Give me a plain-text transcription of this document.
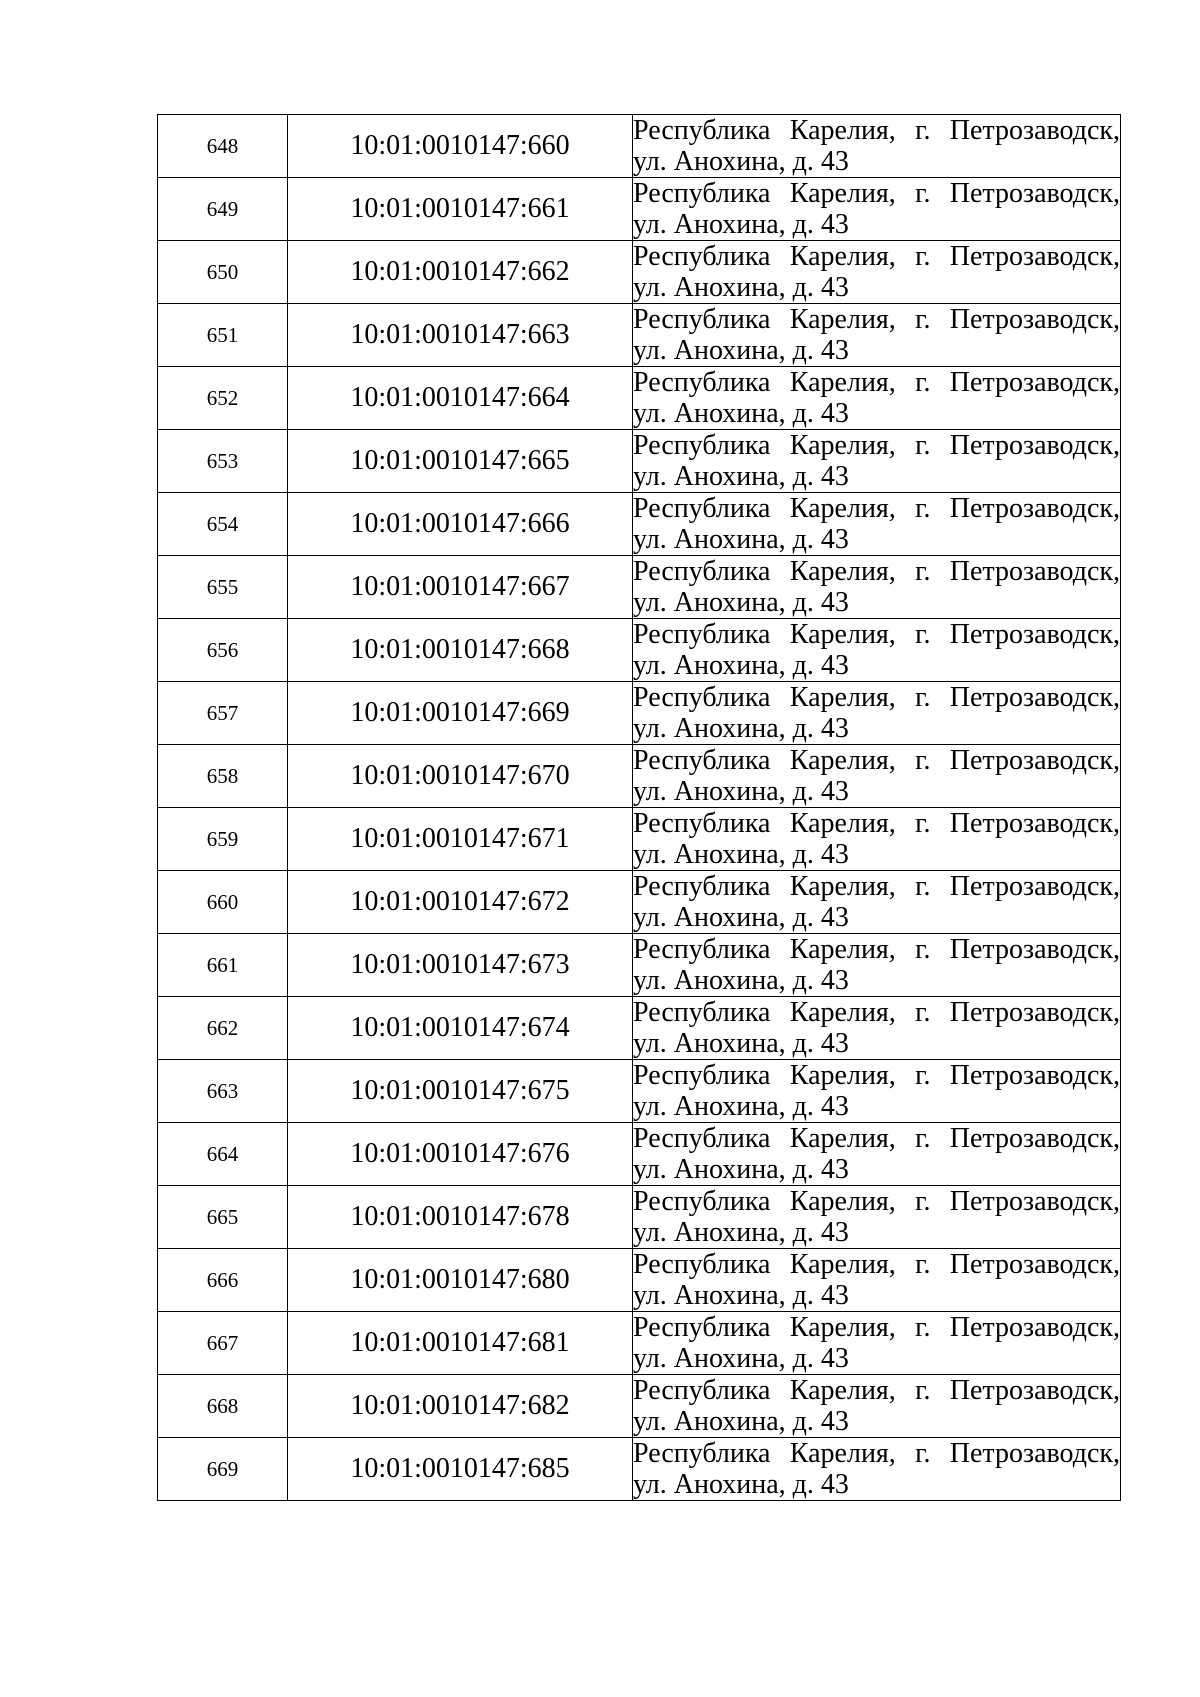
648	10:01:0010147:660	Республика Карелия, г. Петрозаводск,
ул. Анохина, д. 43

649	10:01:0010147:661	Республика Карелия, г. Петрозаводск,
ул. Анохина, д. 43

650	10:01:0010147:662	Республика Карелия, г. Петрозаводск,
ул. Анохина, д. 43

651	10:01:0010147:663	Республика Карелия, г. Петрозаводск,
ул. Анохина, д. 43

652	10:01:0010147:664	Республика Карелия, г. Петрозаводск,
ул. Анохина, д. 43

653	10:01:0010147:665	Республика Карелия, г. Петрозаводск,
ул. Анохина, д. 43

654	10:01:0010147:666	Республика Карелия, г. Петрозаводск,
ул. Анохина, д. 43

655	10:01:0010147:667	Республика Карелия, г. Петрозаводск,
ул. Анохина, д. 43

656	10:01:0010147:668	Республика Карелия, г. Петрозаводск,
ул. Анохина, д. 43

657	10:01:0010147:669	Республика Карелия, г. Петрозаводск,
ул. Анохина, д. 43

658	10:01:0010147:670	Республика Карелия, г. Петрозаводск,
ул. Анохина, д. 43

659	10:01:0010147:671	Республика Карелия, г. Петрозаводск,
ул. Анохина, д. 43

660	10:01:0010147:672	Республика Карелия, г. Петрозаводск,
ул. Анохина, д. 43

661	10:01:0010147:673	Республика Карелия, г. Петрозаводск,
ул. Анохина, д. 43

662	10:01:0010147:674	Республика Карелия, г. Петрозаводск,
ул. Анохина, д. 43

663	10:01:0010147:675	Республика Карелия, г. Петрозаводск,
ул. Анохина, д. 43

664	10:01:0010147:676	Республика Карелия, г. Петрозаводск,
ул. Анохина, д. 43

665	10:01:0010147:678	Республика Карелия, г. Петрозаводск,
ул. Анохина, д. 43

666	10:01:0010147:680	Республика Карелия, г. Петрозаводск,
ул. Анохина, д. 43

667	10:01:0010147:681	Республика Карелия, г. Петрозаводск,
ул. Анохина, д. 43

668	10:01:0010147:682	Республика Карелия, г. Петрозаводск,
ул. Анохина, д. 43

669	10:01:0010147:685	Республика Карелия, г. Петрозаводск,
ул. Анохина, д. 43
